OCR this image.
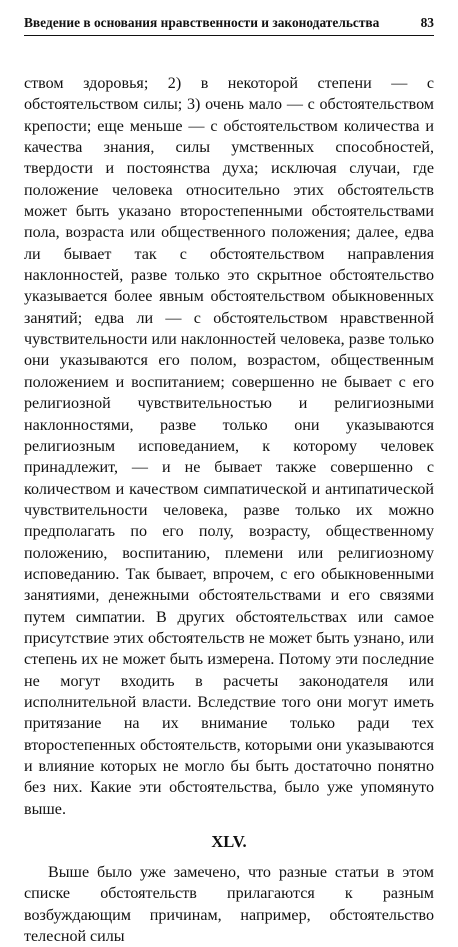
Введение в основания нравственности и законодательства	83

ством здоровья; 2) в некоторой степени — с обстоятельством силы; 3) очень мало — с обстоятельством крепости; еще меньше — с обстоятельством количества и качества знания, силы умственных способностей, твердости и постоянства духа; исключая случаи, где положение человека относительно этих обстоятельств может быть указано второстепенными обстоятельствами пола, возраста или общественного положения; далее, едва ли бывает так с обстоятельством направления наклонностей, разве только это скрытное обстоятельство указывается более явным обстоятельством обыкновенных занятий; едва ли — с обстоятельством нравственной чувствительности или наклонностей человека, разве только они указываются его полом, возрастом, общественным положением и воспитанием; совершенно не бывает с его религиозной чувствительностью и религиозными наклонностями, разве только они указываются религиозным исповеданием, к которому человек принадлежит, — и не бывает также совершенно с количеством и качеством симпатической и антипатической чувствительности человека, разве только их можно предполагать по его полу, возрасту, общественному положению, воспитанию, племени или религиозному исповеданию. Так бывает, впрочем, с его обыкновенными занятиями, денежными обстоятельствами и его связями путем симпатии. В других обстоятельствах или самое присутствие этих обстоятельств не может быть узнано, или степень их не может быть измерена. Потому эти последние не могут входить в расчеты законодателя или исполнительной власти. Вследствие того они могут иметь притязание на их внимание только ради тех второстепенных обстоятельств, которыми они указываются и влияние которых не могло бы быть достаточно понятно без них. Какие эти обстоятельства, было уже упомянуто выше.

XLV.

Выше было уже замечено, что разные статьи в этом списке обстоятельств прилагаются к разным возбуждающим причинам, например, обстоятельство телесной силы
